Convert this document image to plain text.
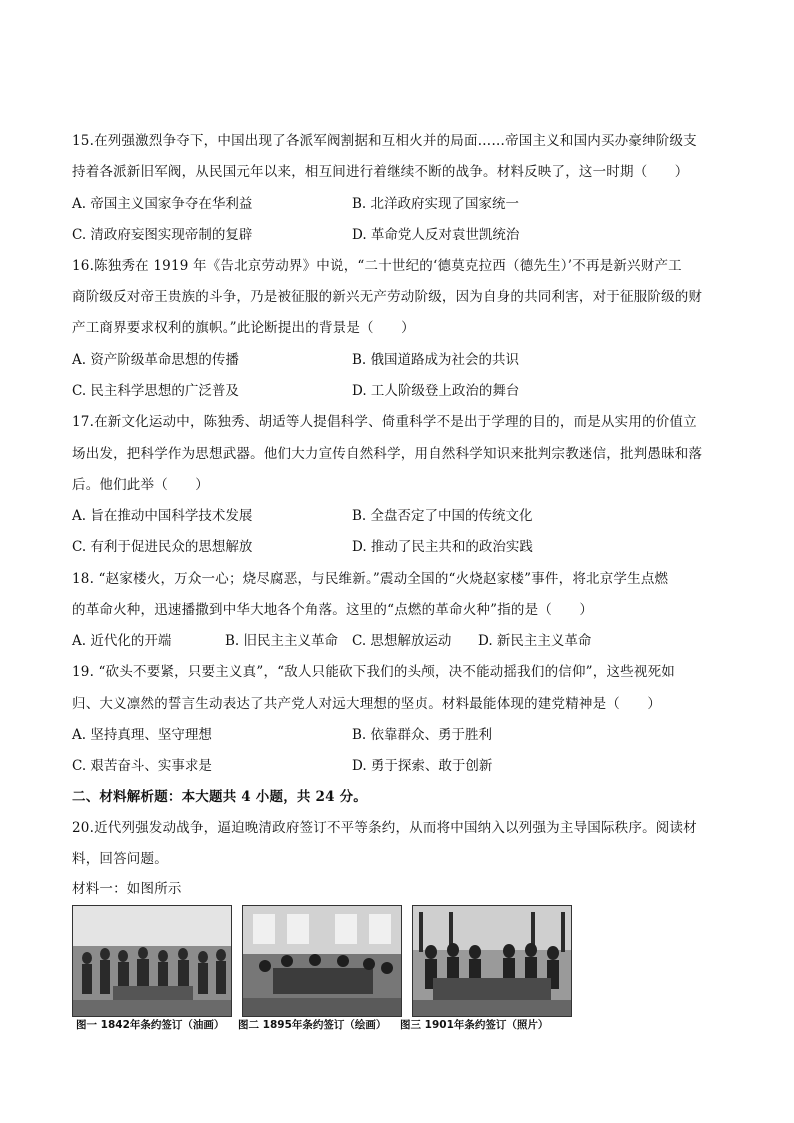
15.在列强激烈争夺下，中国出现了各派军阀割据和互相火并的局面……帝国主义和国内买办豪绅阶级支
持着各派新旧军阀，从民国元年以来，相互间进行着继续不断的战争。材料反映了，这一时期（　　）
A. 帝国主义国家争夺在华利益	B. 北洋政府实现了国家统一
C. 清政府妄图实现帝制的复辟	D. 革命党人反对袁世凯统治
16.陈独秀在 1919 年《告北京劳动界》中说，“二十世纪的‘德莫克拉西（德先生）’不再是新兴财产工
商阶级反对帝王贵族的斗争，乃是被征服的新兴无产劳动阶级，因为自身的共同利害，对于征服阶级的财
产工商界要求权利的旗帜。”此论断提出的背景是（　　）
A. 资产阶级革命思想的传播	B. 俄国道路成为社会的共识
C. 民主科学思想的广泛普及	D. 工人阶级登上政治的舞台
17.在新文化运动中，陈独秀、胡适等人提倡科学、倚重科学不是出于学理的目的，而是从实用的价值立
场出发，把科学作为思想武器。他们大力宣传自然科学，用自然科学知识来批判宗教迷信，批判愚昧和落
后。他们此举（　　）
A. 旨在推动中国科学技术发展	B. 全盘否定了中国的传统文化
C. 有利于促进民众的思想解放	D. 推动了民主共和的政治实践
18. “赵家楼火，万众一心；烧尽腐恶，与民维新。”震动全国的“火烧赵家楼”事件，将北京学生点燃
的革命火种，迅速播撒到中华大地各个角落。这里的“点燃的革命火种”指的是（　　）
A. 近代化的开端	B. 旧民主主义革命 C. 思想解放运动 D. 新民主主义革命
19. “砍头不要紧，只要主义真”，“敌人只能砍下我们的头颅，决不能动摇我们的信仰”，这些视死如
归、大义凛然的誓言生动表达了共产党人对远大理想的坚贞。材料最能体现的建党精神是（　　）
A. 坚持真理、坚守理想	B. 依靠群众、勇于胜利
C. 艰苦奋斗、实事求是	D. 勇于探索、敢于创新
二、材料解析题：本大题共 4 小题，共 24 分。
20.近代列强发动战争，逼迫晚清政府签订不平等条约，从而将中国纳入以列强为主导国际秩序。阅读材
料，回答问题。
材料一：如图所示
图一 1842年条约签订（油画） 图二 1895年条约签订（绘画） 图三 1901年条约签订（照片）
